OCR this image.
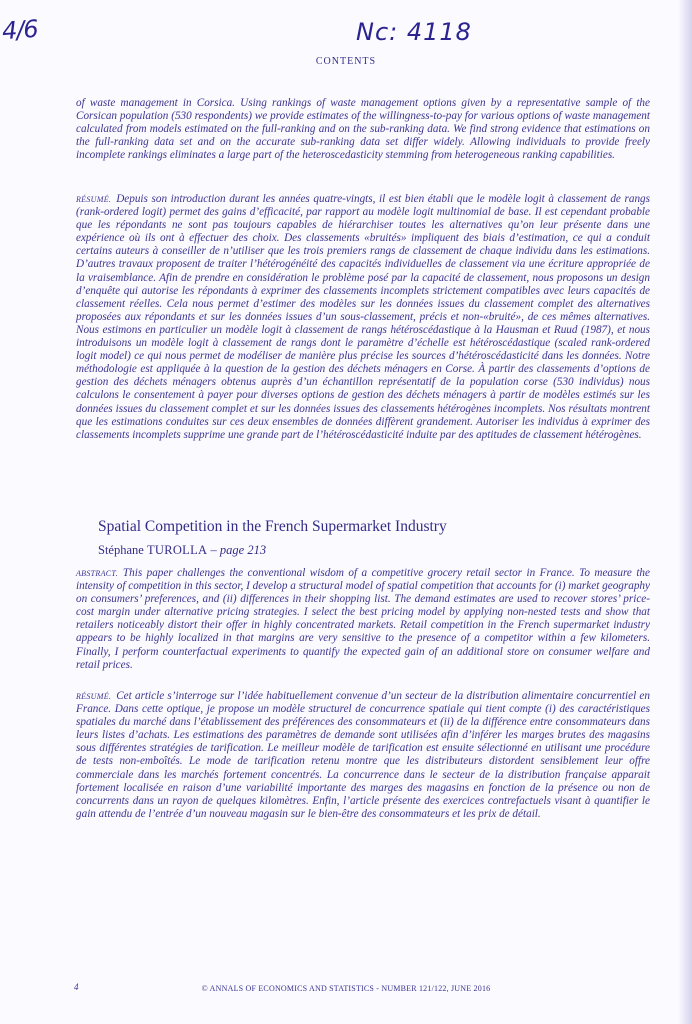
4/6	Nc: 4118
CONTENTS

of waste management in Corsica. Using rankings of waste management options given by a representative sample of the Corsican population (530 respondents) we provide estimates of the willingness-to-pay for various options of waste management calculated from models estimated on the full-ranking and on the sub-ranking data. We find strong evidence that estimations on the full-ranking data set and on the accurate sub-ranking data set differ widely. Allowing individuals to provide freely incomplete rankings eliminates a large part of the heteroscedasticity stemming from heterogeneous ranking capabilities.

RÉSUMÉ. Depuis son introduction durant les années quatre-vingts, il est bien établi que le modèle logit à classement de rangs (rank-ordered logit) permet des gains d’efficacité, par rapport au modèle logit multinomial de base. Il est cependant probable que les répondants ne sont pas toujours capables de hiérarchiser toutes les alternatives qu’on leur présente dans une expérience où ils ont à effectuer des choix. Des classements «bruités» impliquent des biais d’estimation, ce qui a conduit certains auteurs à conseiller de n’utiliser que les trois premiers rangs de classement de chaque individu dans les estimations. D’autres travaux proposent de traiter l’hétérogénéité des capacités individuelles de classement via une écriture appropriée de la vraisemblance. Afin de prendre en considération le problème posé par la capacité de classement, nous proposons un design d’enquête qui autorise les répondants à exprimer des classements incomplets strictement compatibles avec leurs capacités de classement réelles. Cela nous permet d’estimer des modèles sur les données issues du classement complet des alternatives proposées aux répondants et sur les données issues d’un sous-classement, précis et non-«bruité», de ces mêmes alternatives. Nous estimons en particulier un modèle logit à classement de rangs hétéroscédastique à la Hausman et Ruud (1987), et nous introduisons un modèle logit à classement de rangs dont le paramètre d’échelle est hétéroscédastique (scaled rank-ordered logit model) ce qui nous permet de modéliser de manière plus précise les sources d’hétéroscédasticité dans les données. Notre méthodologie est appliquée à la question de la gestion des déchets ménagers en Corse. À partir des classements d’options de gestion des déchets ménagers obtenus auprès d’un échantillon représentatif de la population corse (530 individus) nous calculons le consentement à payer pour diverses options de gestion des déchets ménagers à partir de modèles estimés sur les données issues du classement complet et sur les données issues des classements hétérogènes incomplets. Nos résultats montrent que les estimations conduites sur ces deux ensembles de données diffèrent grandement. Autoriser les individus à exprimer des classements incomplets supprime une grande part de l’hétéroscédasticité induite par des aptitudes de classement hétérogènes.

Spatial Competition in the French Supermarket Industry
Stéphane TUROLLA – page 213

ABSTRACT. This paper challenges the conventional wisdom of a competitive grocery retail sector in France. To measure the intensity of competition in this sector, I develop a structural model of spatial competition that accounts for (i) market geography on consumers’ preferences, and (ii) differences in their shopping list. The demand estimates are used to recover stores’ price-cost margin under alternative pricing strategies. I select the best pricing model by applying non-nested tests and show that retailers noticeably distort their offer in highly concentrated markets. Retail competition in the French supermarket industry appears to be highly localized in that margins are very sensitive to the presence of a competitor within a few kilometers. Finally, I perform counterfactual experiments to quantify the expected gain of an additional store on consumer welfare and retail prices.

RÉSUMÉ. Cet article s’interroge sur l’idée habituellement convenue d’un secteur de la distribution alimentaire concurrentiel en France. Dans cette optique, je propose un modèle structurel de concurrence spatiale qui tient compte (i) des caractéristiques spatiales du marché dans l’établissement des préférences des consommateurs et (ii) de la différence entre consommateurs dans leurs listes d’achats. Les estimations des paramètres de demande sont utilisées afin d’inférer les marges brutes des magasins sous différentes stratégies de tarification. Le meilleur modèle de tarification est ensuite sélectionné en utilisant une procédure de tests non-emboîtés. Le mode de tarification retenu montre que les distributeurs distordent sensiblement leur offre commerciale dans les marchés fortement concentrés. La concurrence dans le secteur de la distribution française apparait fortement localisée en raison d’une variabilité importante des marges des magasins en fonction de la présence ou non de concurrents dans un rayon de quelques kilomètres. Enfin, l’article présente des exercices contrefactuels visant à quantifier le gain attendu de l’entrée d’un nouveau magasin sur le bien-être des consommateurs et les prix de détail.

4	© ANNALS OF ECONOMICS AND STATISTICS - NUMBER 121/122, JUNE 2016
